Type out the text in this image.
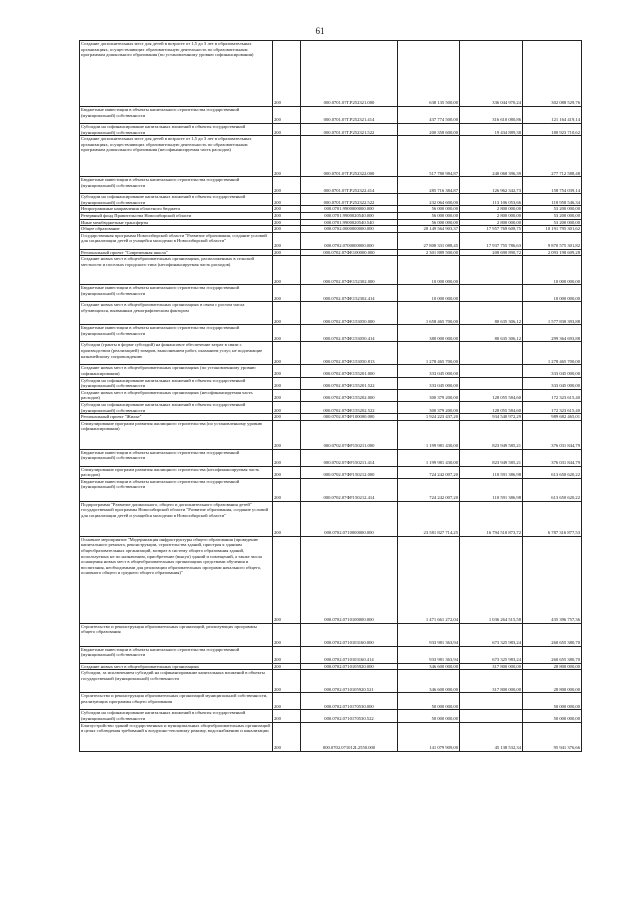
61
Создание дополнительных мест для детей в возрасте от 1,5 до 3 лет в образовательных организациях, осуществляющих образовательную деятельность по образовательным программам дошкольного образования (по установленному уровню софинансирования)	200	000.0701.07Г.Р252321.000	638 135 500,00	336 044 970,24	302 088 529,76
Бюджетные инвестиции в объекты капитального строительства государственной (муниципальной) собственности	200	000.0701.07Г.Р252321.414	437 774 500,00	316 610 080,86	121 164 419,14
Субсидии на софинансирование капитальных вложений в объекты государственной (муниципальной) собственности	200	000.0701.07Г.Р252321.522	200 358 600,00	19 434 889,38	180 923 710,62
Создание дополнительных мест для детей в возрасте от 1,5 до 3 лет в образовательных организациях, осуществляющих образовательную деятельность по образовательным программам дошкольного образования (несофинансируемая часть расходов)	200	000.0701.07Г.Р252322.000	517 780 984,87	240 068 396,39	277 712 588,48
Бюджетные инвестиции в объекты капитального строительства государственной (муниципальной) собственности	200	000.0701.07Г.Р252322.414	285 716 384,87	126 962 342,73	158 754 039,14
Субсидии на софинансирование капитальных вложений в объекты государственной (муниципальной) собственности	200	000.0701.07Г.Р252322.522	232 064 600,00	113 106 053,66	118 958 546,34
Непрограммные направления областного бюджета	200	000.0701.9900000000.000	56 000 000,00	2 800 000,00	53 200 000,00
Резервный фонд Правительства Новосибирской области	200	000.0701.9900020540.000	56 000 000,00	2 800 000,00	53 200 000,00
Иные межбюджетные трансферты	200	000.0701.9900020540.540	56 000 000,00	2 800 000,00	53 200 000,00
Общее образование	200	000.0702.0000000000.000	28 149 564 903,37	17 957 769 608,75	10 191 795 301,62
Государственная программа Новосибирской области "Развитие образования, создание условий для социализации детей и учащейся молодежи в Новосибирской области"	200	000.0702.0700000000.000	27 808 331 088,45	17 937 755 786,63	9 870 575 301,82
Региональный проект "Современная школа"	200	000.0702.07ФЕ100000.000	2 301 889 500,00	208 690 890,72	2 093 198 609,28
Создание новых мест в общеобразовательных организациях, расположенных в сельской местности и поселках городского типа (несофинансируемая часть расходов)	200	000.0702.07ФЕ152302.000	10 000 000,00		10 000 000,00
Бюджетные инвестиции в объекты капитального строительства государственной (муниципальной) собственности	200	000.0702.07ФЕ152302.414	10 000 000,00		10 000 000,00
Создание новых мест в общеобразовательных организациях в связи с ростом числа обучающихся, вызванным демографическим фактором	200	000.0702.07ФЕ153050.000	1 658 465 700,00	80 635 306,12	1 577 830 393,88
Бюджетные инвестиции в объекты капитального строительства государственной (муниципальной) собственности	200	000.0702.07ФЕ153050.414	380 000 000,00	80 635 306,12	299 364 693,88
Субсидии (гранты в форме субсидий) на финансовое обеспечение затрат в связи с производством (реализацией) товаров, выполнением работ, оказанием услуг, не подлежащие казначейскому сопровождению	200	000.0702.07ФЕ153050.813	1 278 465 700,00		1 278 465 700,00
Создание новых мест в общеобразовательных организациях (по установленному уровню софинансирования)	200	000.0702.07ФЕ155201.000	333 045 000,00		333 045 000,00
Субсидии на софинансирование капитальных вложений в объекты государственной (муниципальной) собственности	200	000.0702.07ФЕ155201.522	333 045 000,00		333 045 000,00
Создание новых мест в общеобразовательных организациях (несофинансируемая часть расходов)	200	000.0702.07ФЕ155202.000	300 379 200,00	128 055 584,60	172 323 615,40
Субсидии на софинансирование капитальных вложений в объекты государственной (муниципальной) собственности	200	000.0702.07ФЕ155202.522	300 379 200,00	128 055 584,60	172 323 615,40
Региональный проект "Жилье"	200	000.0702.07ФF100000.000	1 924 223 437,20	934 540 972,29	989 682 465,01
Стимулирование программ развития жилищного строительства (по установленному уровню софинансирования)	200	000.0702.07ФF150211.000	1 199 981 430,00	823 949 585,21	376 031 844,79
Бюджетные инвестиции в объекты капитального строительства государственной (муниципальной) собственности	200	000.0702.07ФF150211.414	1 199 981 430,00	823 949 585,21	376 031 844,79
Стимулирование программ развития жилищного строительства (несофинансируемая часть расходов)	200	000.0702.07ФF150212.000	724 242 007,20	110 591 386,98	613 650 620,22
Бюджетные инвестиции в объекты капитального строительства государственной (муниципальной) собственности	200	000.0702.07ФF150212.414	724 242 007,20	110 591 386,98	613 650 620,22
Подпрограмма "Развитие дошкольного, общего и дополнительного образования детей" государственной программы Новосибирской области "Развитие образования, создание условий для социализации детей и учащейся молодежи в Новосибирской области"	200	000.0702.0710000000.000	23 581 827 714,25	16 794 510 873,72	6 787 316 877,53
Основное мероприятие "Модернизация инфраструктуры общего образования (проведение капитального ремонта, реконструкции, строительства зданий, пристроя к зданиям общеобразовательных организаций, возврат в систему общего образования зданий, используемых не по назначению, приобретение (выкуп) зданий и помещений, а также числа оснащения новых мест в общеобразовательных организациях средствами обучения и воспитания, необходимыми для реализации образовательных программ начального общего, основного общего и среднего общего образования)"	200	000.0702.0710100000.000	1 471 661 272,04	1 036 264 515,58	435 396 757,36
Строительство и реконструкция образовательных организаций, реализующих программы общего образования	200	000.0702.0710103160.000	933 981 363,94	673 325 983,24	260 655 380,70
Бюджетные инвестиции в объекты капитального строительства государственной (муниципальной) собственности	200	000.0702.0710103160.414	933 981 363,94	673 325 983,24	260 655 380,70
Создание новых мест в общеобразовательных организациях	200	000.0702.0710105920.000	346 600 000,00	317 800 000,00	28 800 000,00
Субсидии, за исключением субсидий на софинансирование капитальных вложений в объекты государственной (муниципальной) собственности	200	000.0702.0710105920.521	346 600 000,00	317 800 000,00	28 800 000,00
Строительство и реконструкция образовательных организаций муниципальной собственности, реализующих программы общего образования	200	000.0702.0710170530.000	50 000 000,00		50 000 000,00
Субсидии на софинансирование капитальных вложений в объекты государственной (муниципальной) собственности	200	000.0702.0710170530.522	50 000 000,00		50 000 000,00
Благоустройство зданий государственных и муниципальных общеобразовательных организаций в целях соблюдения требований к воздушно-тепловому режиму, водоснабжению и канализации	200	000.0702.071012L2550.000	141 079 909,00	45 138 532,34	95 941 376,66
